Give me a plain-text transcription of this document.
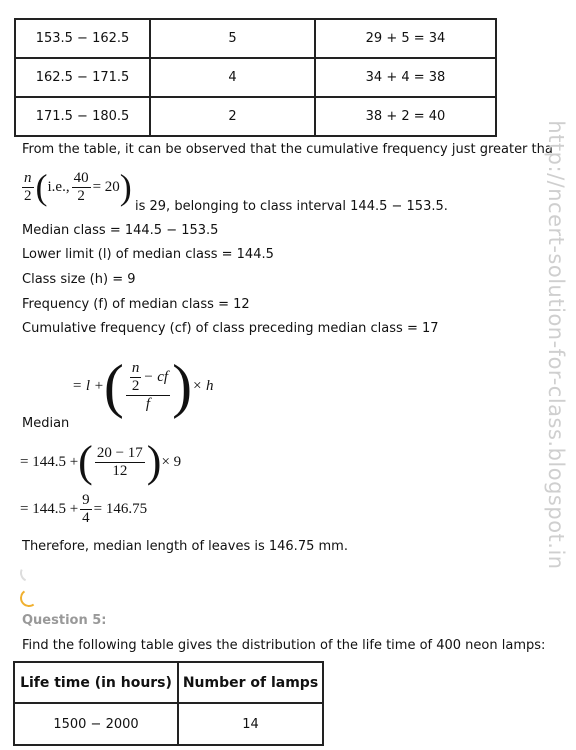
153.5 − 162.5	5	29 + 5 = 34
162.5 − 171.5	4	34 + 4 = 38
171.5 − 180.5	2	38 + 2 = 40
From the table, it can be observed that the cumulative frequency just greater tha
$\frac{n}{2}$ ( i.e., $\frac{40}{2} = 20$ ) is 29, belonging to class interval 144.5 − 153.5.
Median class = 144.5 − 153.5
Lower limit (l) of median class = 144.5
Class size (h) = 9
Frequency (f) of median class = 12
Cumulative frequency (cf) of class preceding median class = 17
= l + ( $\frac{\frac{n}{2} - cf}{f}$ ) × h
Median
= 144.5 + ( $\frac{20 - 17}{12}$ ) × 9
= $144.5 + \frac{9}{4} = 146.75$
Therefore, median length of leaves is 146.75 mm.
Question 5:
Find the following table gives the distribution of the life time of 400 neon lamps:
Life time (in hours)	Number of lamps
1500 − 2000	14
http://ncert-solution-for-class.blogspot.in
